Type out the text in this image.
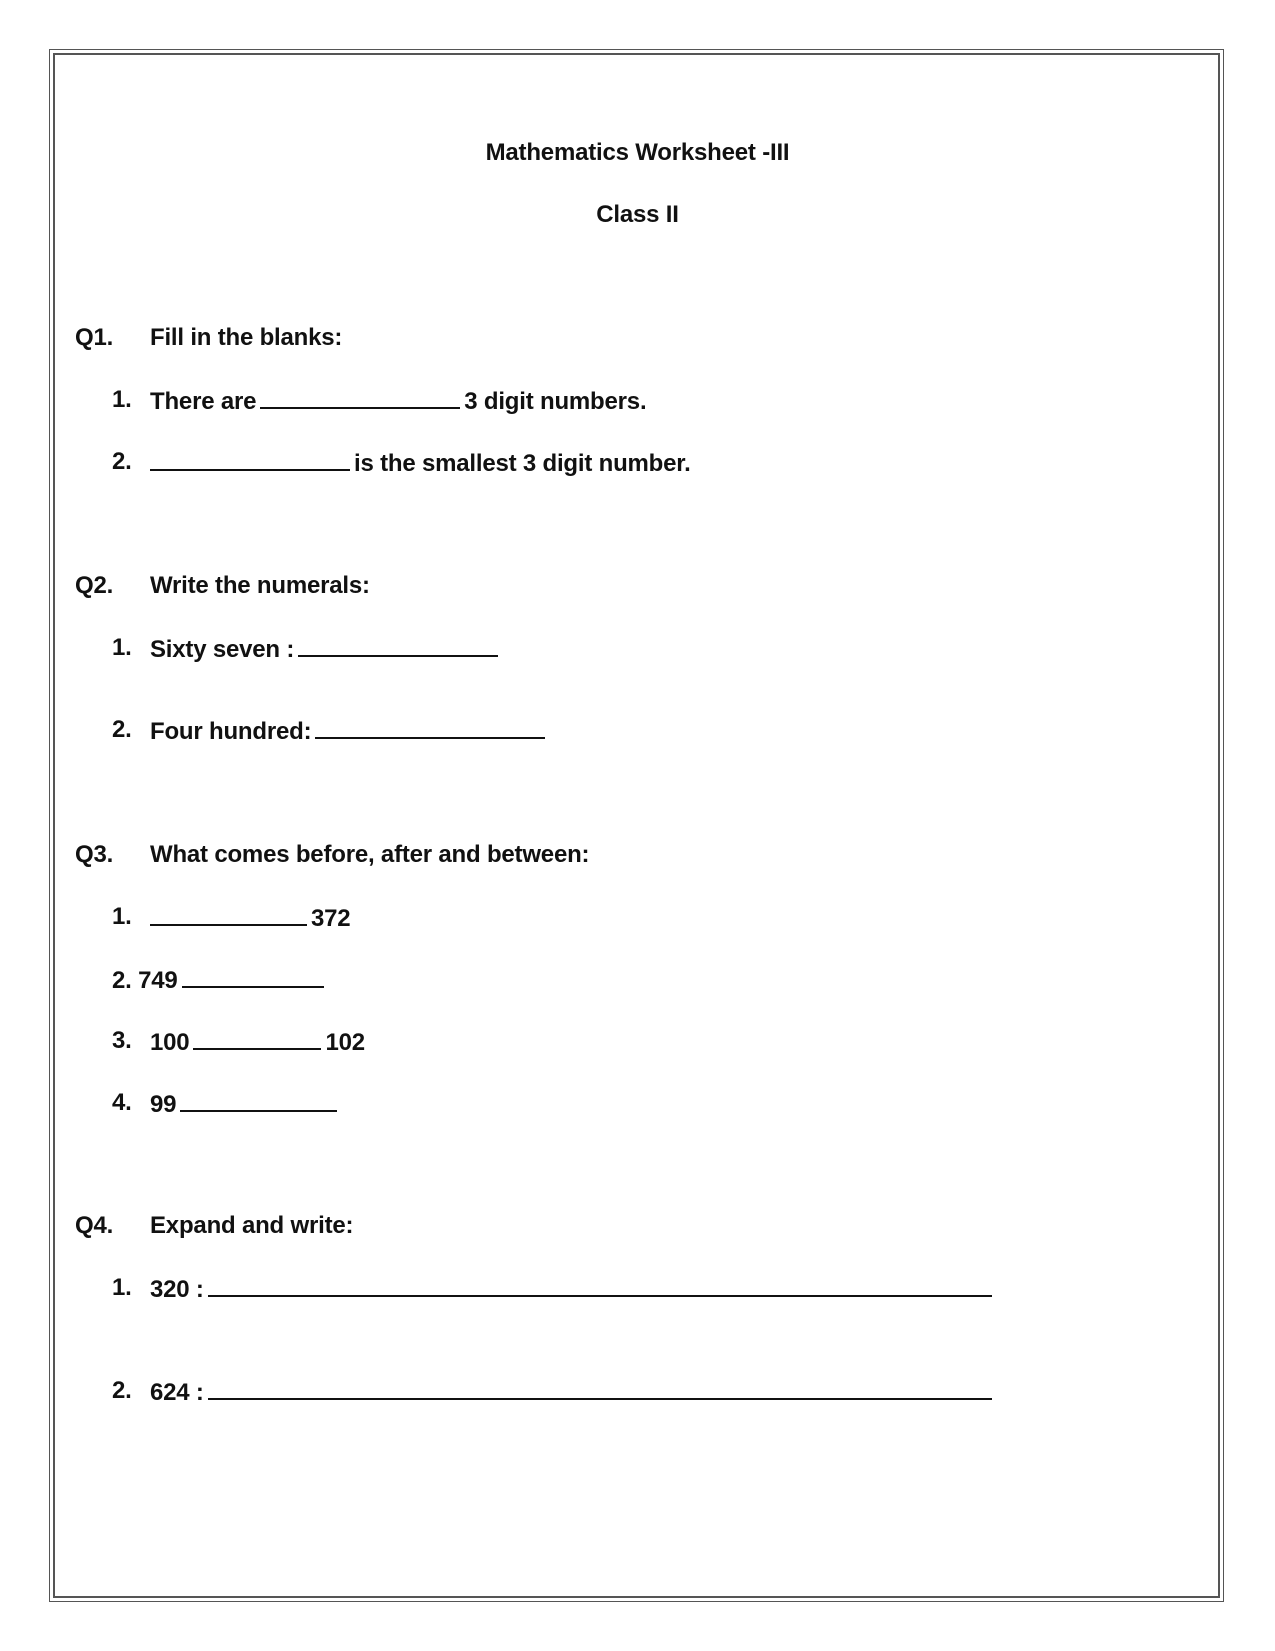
Mathematics Worksheet -III
Class II
Q1. Fill in the blanks:
1. There are	3 digit numbers.
2.	is the smallest 3 digit number.
Q2. Write the numerals:
1. Sixty seven :
2. Four hundred:
Q3. What comes before, after and between:
1.	372
2. 749
3. 100	102
4. 99
Q4. Expand and write:
1. 320 :
2. 624 :
